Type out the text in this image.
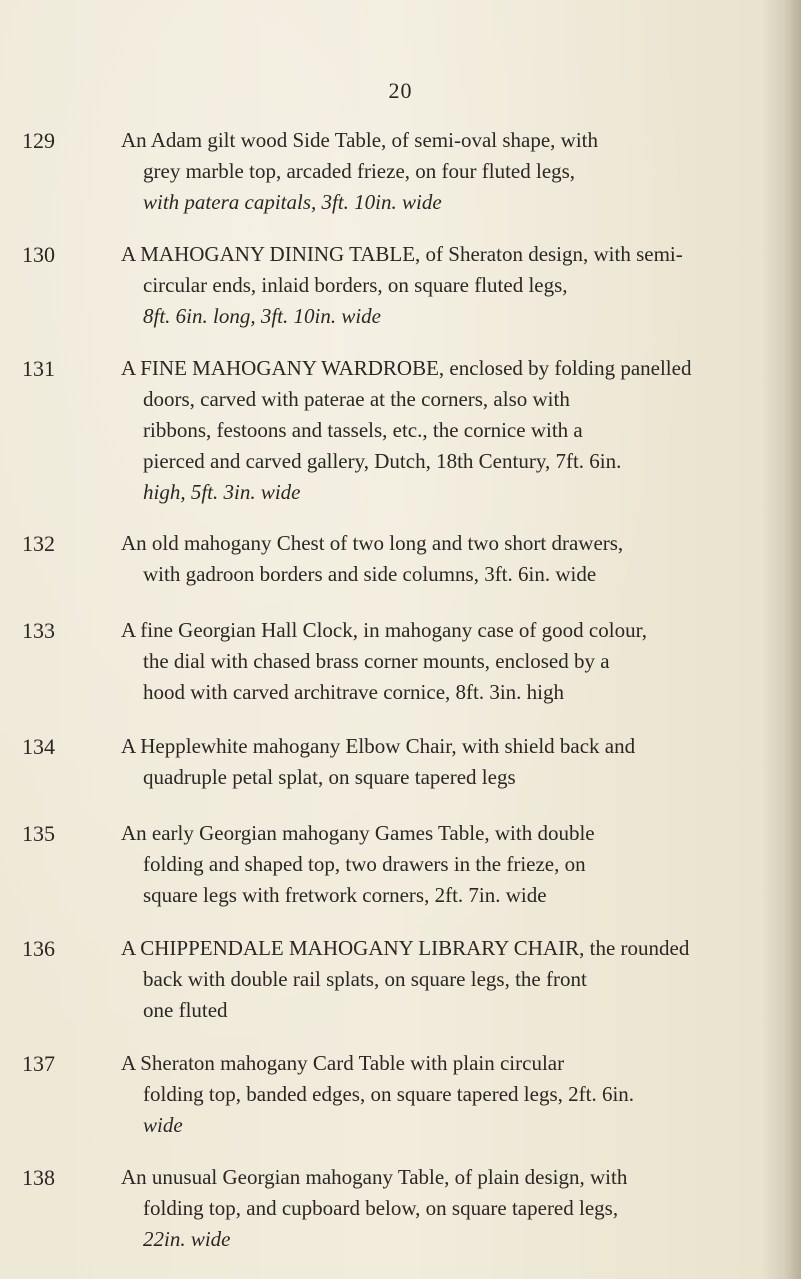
20
129	An Adam gilt wood Side Table, of semi-oval shape, with
grey marble top, arcaded frieze, on four fluted legs,
with patera capitals, 3ft. 10in. wide
130	A MAHOGANY DINING TABLE, of Sheraton design, with semi-
circular ends, inlaid borders, on square fluted legs,
8ft. 6in. long, 3ft. 10in. wide
131	A FINE MAHOGANY WARDROBE, enclosed by folding panelled
doors, carved with paterae at the corners, also with
ribbons, festoons and tassels, etc., the cornice with a
pierced and carved gallery, Dutch, 18th Century, 7ft. 6in.
high, 5ft. 3in. wide
132	An old mahogany Chest of two long and two short drawers,
with gadroon borders and side columns, 3ft. 6in. wide
133	A fine Georgian Hall Clock, in mahogany case of good colour,
the dial with chased brass corner mounts, enclosed by a
hood with carved architrave cornice, 8ft. 3in. high
134	A Hepplewhite mahogany Elbow Chair, with shield back and
quadruple petal splat, on square tapered legs
135	An early Georgian mahogany Games Table, with double
folding and shaped top, two drawers in the frieze, on
square legs with fretwork corners, 2ft. 7in. wide
136	A CHIPPENDALE MAHOGANY LIBRARY CHAIR, the rounded
back with double rail splats, on square legs, the front
one fluted
137	A Sheraton mahogany Card Table with plain circular
folding top, banded edges, on square tapered legs, 2ft. 6in.
wide
138	An unusual Georgian mahogany Table, of plain design, with
folding top, and cupboard below, on square tapered legs,
22in. wide
